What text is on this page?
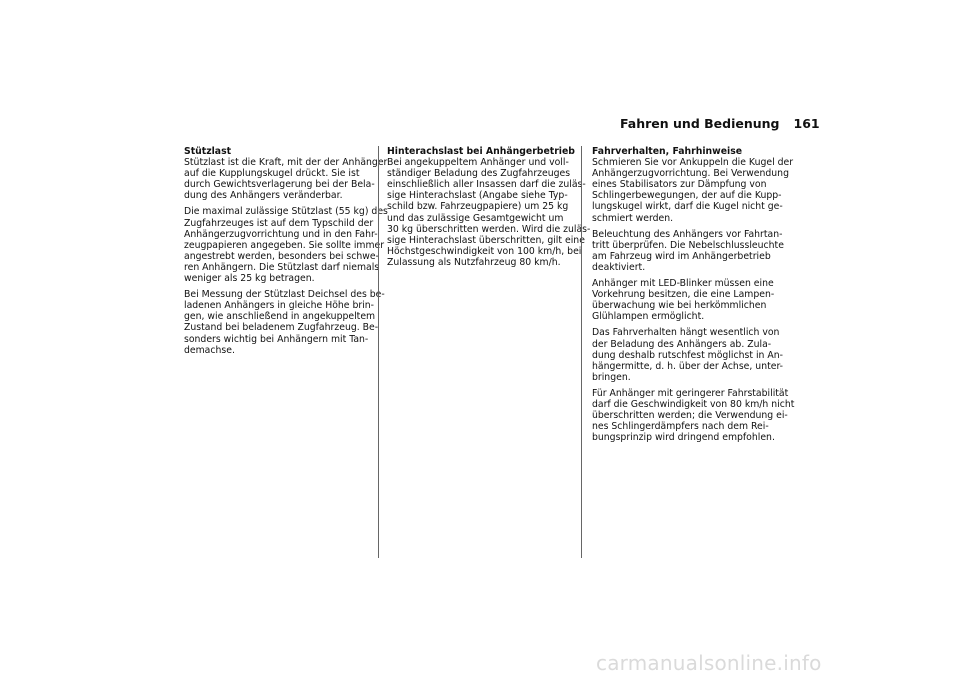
Fahren und Bedienung 161
Stützlast
Stützlast ist die Kraft, mit der der Anhänger
auf die Kupplungskugel drückt. Sie ist
durch Gewichtsverlagerung bei der Bela-
dung des Anhängers veränderbar.
Die maximal zulässige Stützlast (55 kg) des
Zugfahrzeuges ist auf dem Typschild der
Anhängerzugvorrichtung und in den Fahr-
zeugpapieren angegeben. Sie sollte immer
angestrebt werden, besonders bei schwe-
ren Anhängern. Die Stützlast darf niemals
weniger als 25 kg betragen.
Bei Messung der Stützlast Deichsel des be-
ladenen Anhängers in gleiche Höhe brin-
gen, wie anschließend in angekuppeltem
Zustand bei beladenem Zugfahrzeug. Be-
sonders wichtig bei Anhängern mit Tan-
demachse.
Hinterachslast bei Anhängerbetrieb
Bei angekuppeltem Anhänger und voll-
ständiger Beladung des Zugfahrzeuges
einschließlich aller Insassen darf die zuläs-
sige Hinterachslast (Angabe siehe Typ-
schild bzw. Fahrzeugpapiere) um 25 kg
und das zulässige Gesamtgewicht um
30 kg überschritten werden. Wird die zuläs-
sige Hinterachslast überschritten, gilt eine
Höchstgeschwindigkeit von 100 km/h, bei
Zulassung als Nutzfahrzeug 80 km/h.
Fahrverhalten, Fahrhinweise
Schmieren Sie vor Ankuppeln die Kugel der
Anhängerzugvorrichtung. Bei Verwendung
eines Stabilisators zur Dämpfung von
Schlingerbewegungen, der auf die Kupp-
lungskugel wirkt, darf die Kugel nicht ge-
schmiert werden.
Beleuchtung des Anhängers vor Fahrtan-
tritt überprüfen. Die Nebelschlussleuchte
am Fahrzeug wird im Anhängerbetrieb
deaktiviert.
Anhänger mit LED-Blinker müssen eine
Vorkehrung besitzen, die eine Lampen-
überwachung wie bei herkömmlichen
Glühlampen ermöglicht.
Das Fahrverhalten hängt wesentlich von
der Beladung des Anhängers ab. Zula-
dung deshalb rutschfest möglichst in An-
hängermitte, d. h. über der Achse, unter-
bringen.
Für Anhänger mit geringerer Fahrstabilität
darf die Geschwindigkeit von 80 km/h nicht
überschritten werden; die Verwendung ei-
nes Schlingerdämpfers nach dem Rei-
bungsprinzip wird dringend empfohlen.
carmanualsonline.info
